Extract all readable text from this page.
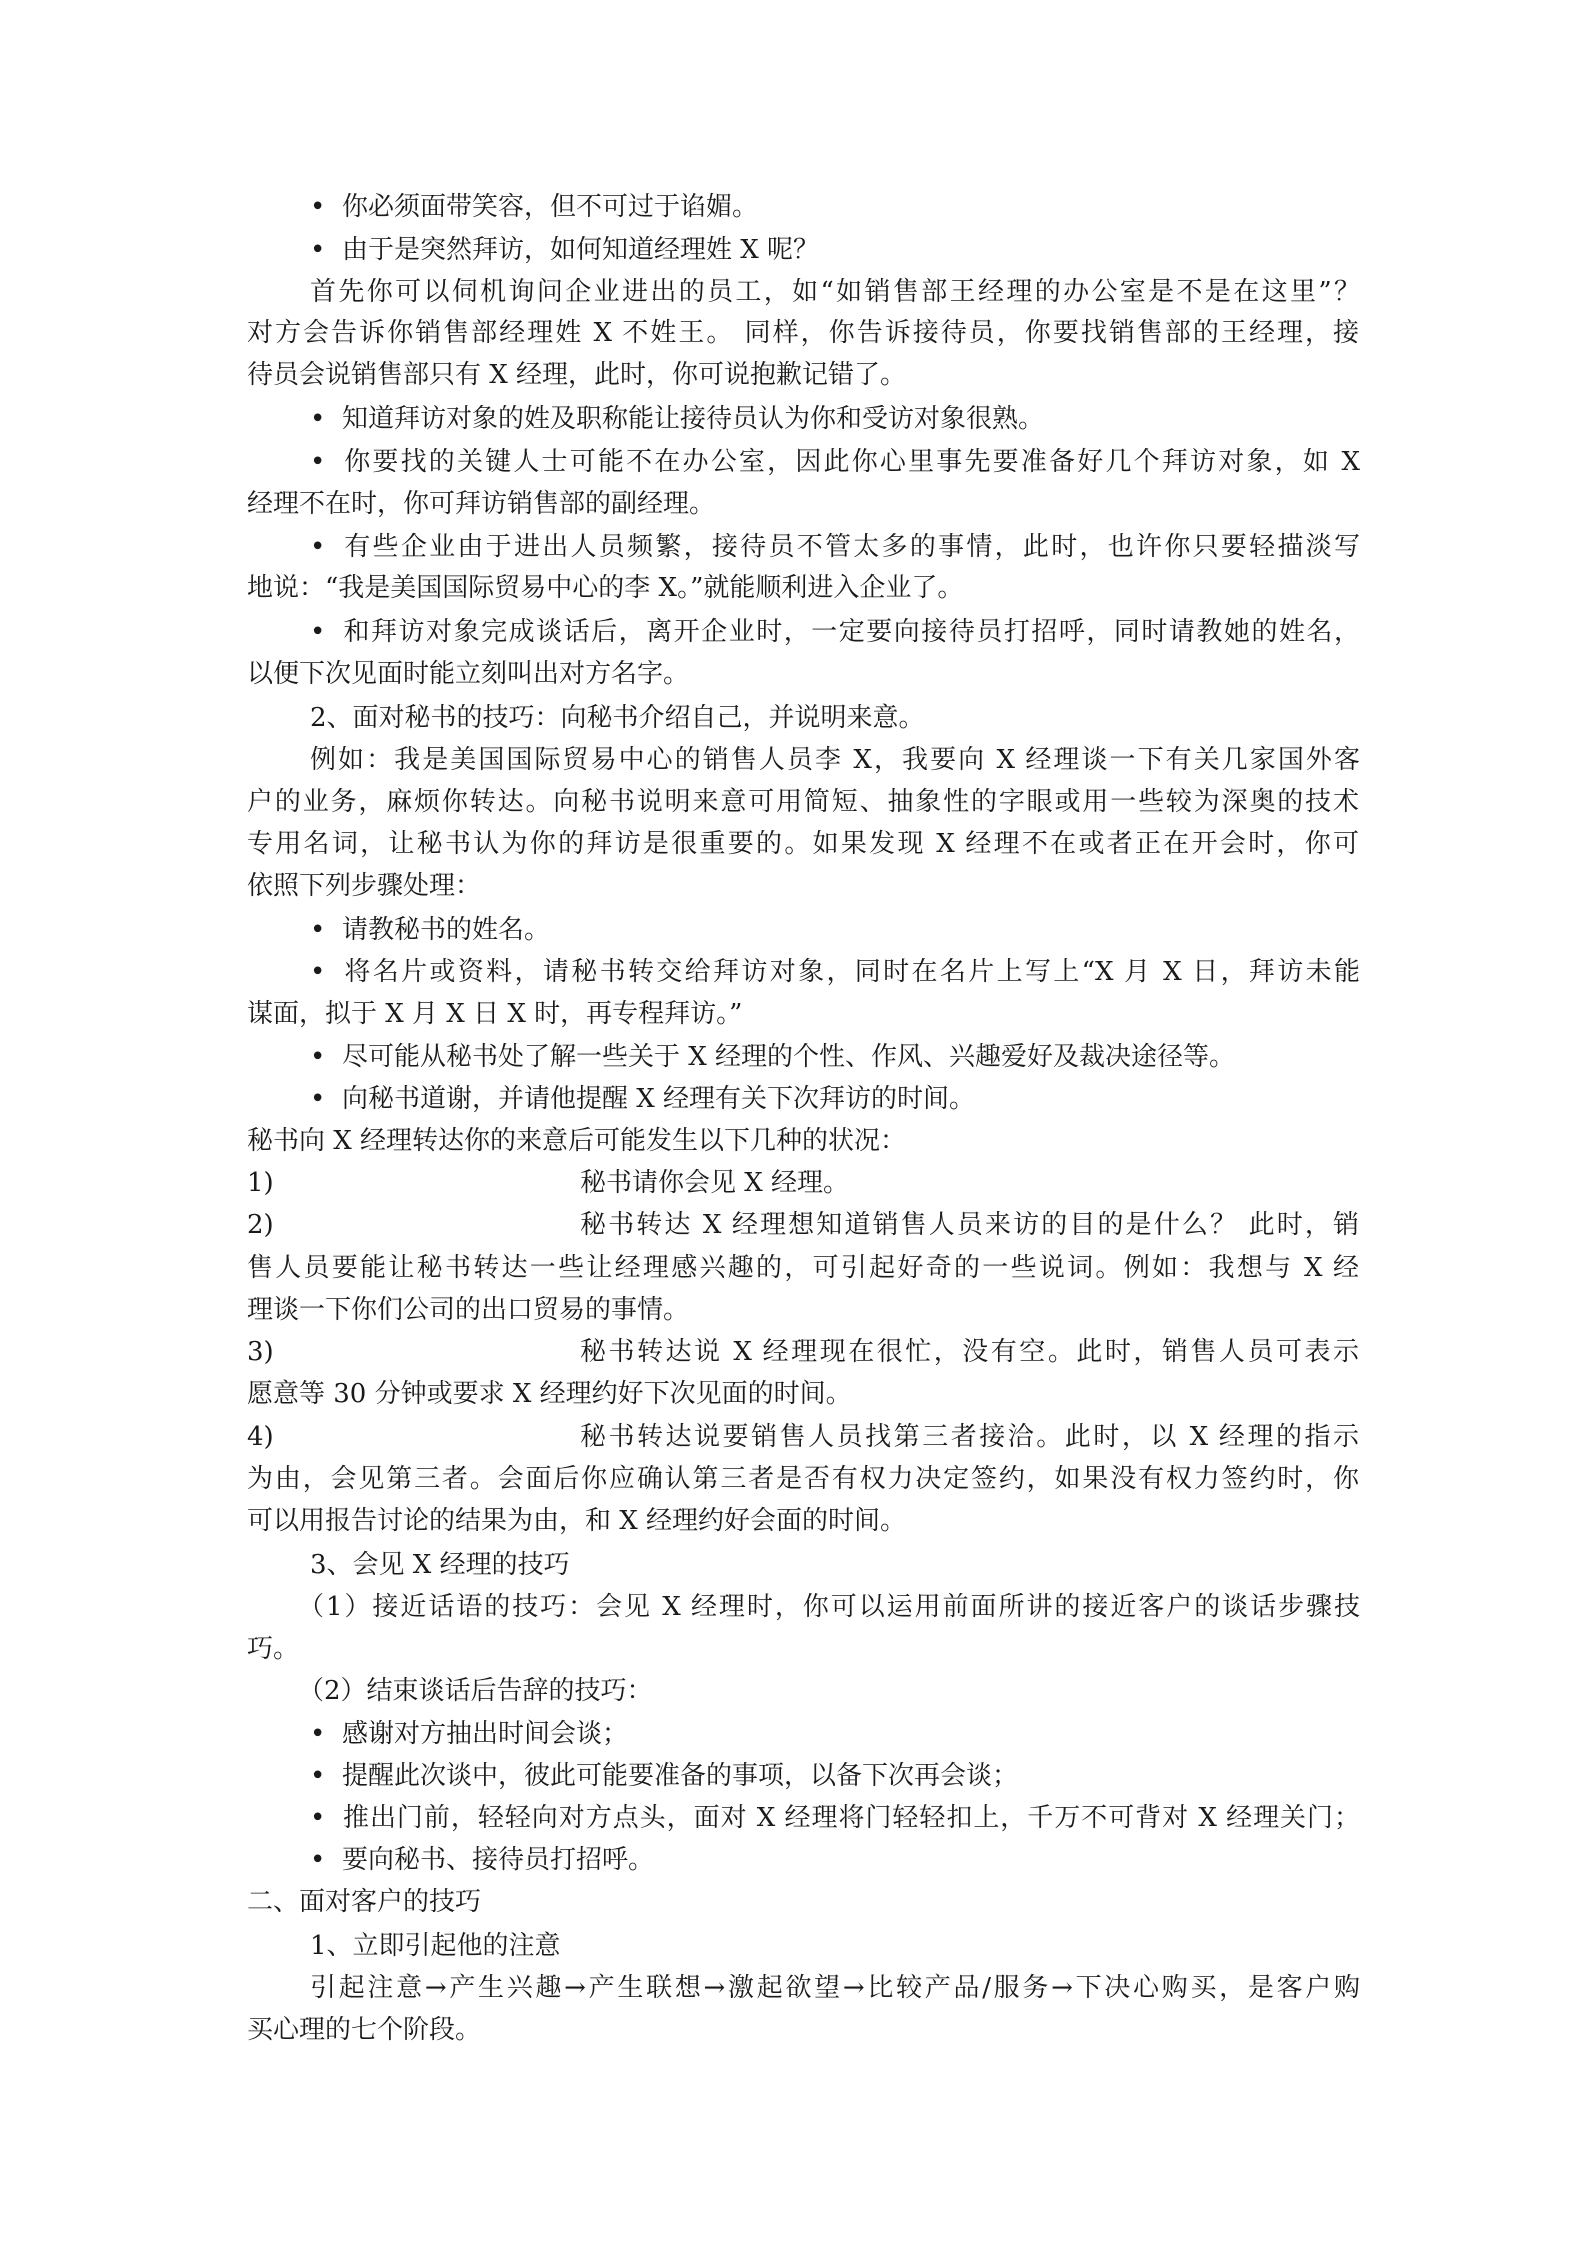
• 你必须面带笑容，但不可过于谄媚。
• 由于是突然拜访，如何知道经理姓 X 呢？
首先你可以伺机询问企业进出的员工，如“如销售部王经理的办公室是不是在这里”？
对方会告诉你销售部经理姓 X 不姓王。 同样，你告诉接待员，你要找销售部的王经理，接
待员会说销售部只有 X 经理，此时，你可说抱歉记错了。
• 知道拜访对象的姓及职称能让接待员认为你和受访对象很熟。
• 你要找的关键人士可能不在办公室，因此你心里事先要准备好几个拜访对象，如 X
经理不在时，你可拜访销售部的副经理。
• 有些企业由于进出人员频繁，接待员不管太多的事情，此时，也许你只要轻描淡写
地说：“我是美国国际贸易中心的李 X。”就能顺利进入企业了。
• 和拜访对象完成谈话后，离开企业时，一定要向接待员打招呼，同时请教她的姓名，
以便下次见面时能立刻叫出对方名字。
2、面对秘书的技巧：向秘书介绍自己，并说明来意。
例如：我是美国国际贸易中心的销售人员李 X，我要向 X 经理谈一下有关几家国外客
户的业务，麻烦你转达。向秘书说明来意可用简短、抽象性的字眼或用一些较为深奥的技术
专用名词，让秘书认为你的拜访是很重要的。如果发现 X 经理不在或者正在开会时，你可
依照下列步骤处理：
• 请教秘书的姓名。
• 将名片或资料，请秘书转交给拜访对象，同时在名片上写上“X 月 X 日，拜访未能
谋面，拟于 X 月 X 日 X 时，再专程拜访。”
• 尽可能从秘书处了解一些关于 X 经理的个性、作风、兴趣爱好及裁决途径等。
• 向秘书道谢，并请他提醒 X 经理有关下次拜访的时间。
秘书向 X 经理转达你的来意后可能发生以下几种的状况：
1)	秘书请你会见 X 经理。
2)	秘书转达 X 经理想知道销售人员来访的目的是什么？ 此时，销
售人员要能让秘书转达一些让经理感兴趣的，可引起好奇的一些说词。例如：我想与 X 经
理谈一下你们公司的出口贸易的事情。
3)	秘书转达说 X 经理现在很忙，没有空。此时，销售人员可表示
愿意等 30 分钟或要求 X 经理约好下次见面的时间。
4)	秘书转达说要销售人员找第三者接洽。此时，以 X 经理的指示
为由，会见第三者。会面后你应确认第三者是否有权力决定签约，如果没有权力签约时，你
可以用报告讨论的结果为由，和 X 经理约好会面的时间。
3、会见 X 经理的技巧
（1）接近话语的技巧：会见 X 经理时，你可以运用前面所讲的接近客户的谈话步骤技
巧。
（2）结束谈话后告辞的技巧：
• 感谢对方抽出时间会谈；
• 提醒此次谈中，彼此可能要准备的事项，以备下次再会谈；
• 推出门前，轻轻向对方点头，面对 X 经理将门轻轻扣上，千万不可背对 X 经理关门；
• 要向秘书、接待员打招呼。
二、面对客户的技巧
1、立即引起他的注意
引起注意→产生兴趣→产生联想→激起欲望→比较产品/服务→下决心购买，是客户购
买心理的七个阶段。
